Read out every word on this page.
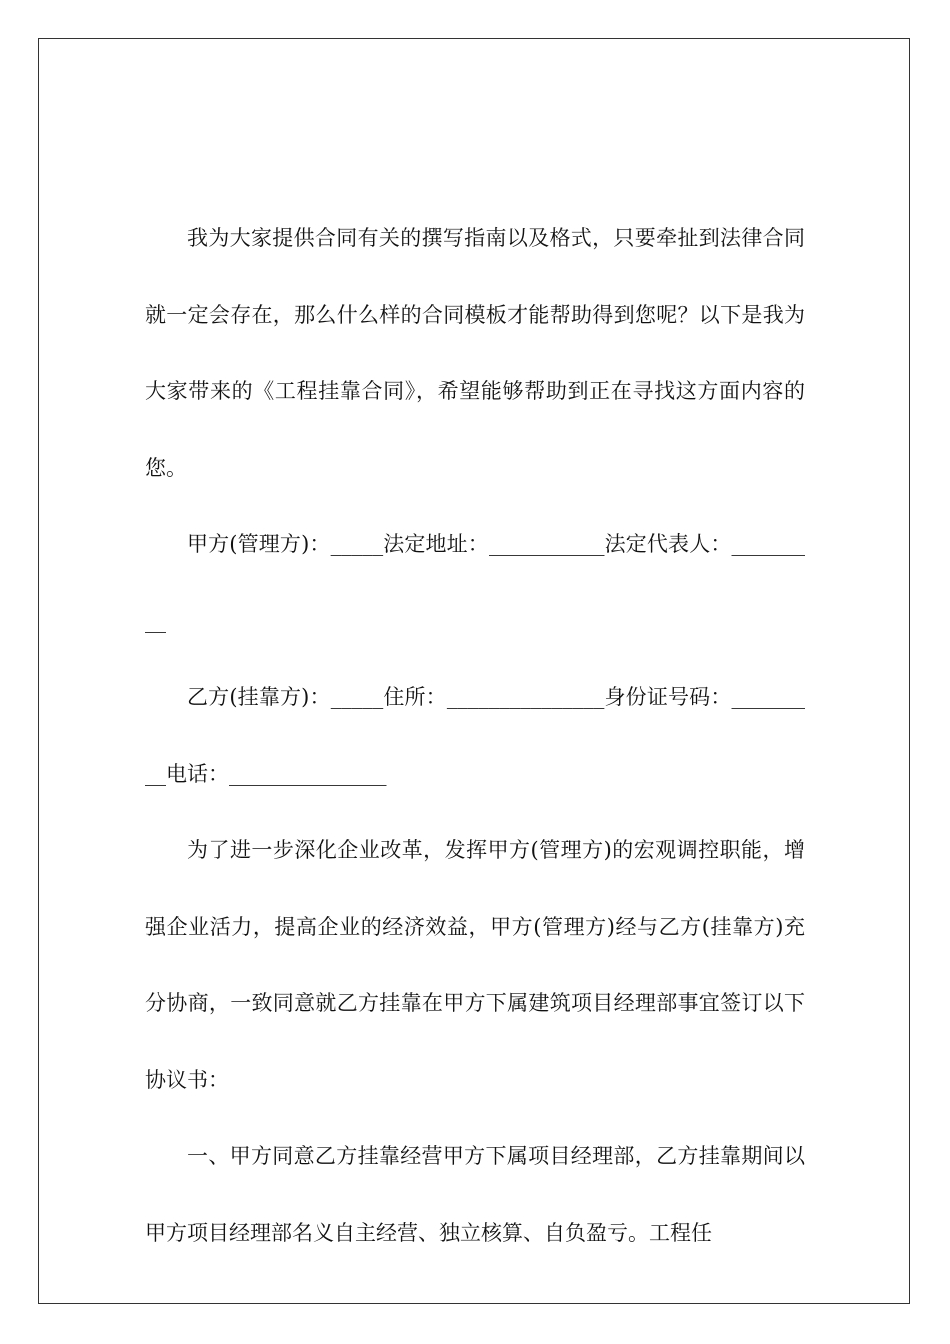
我为大家提供合同有关的撰写指南以及格式，只要牵扯到法律合同就一定会存在，那么什么样的合同模板才能帮助得到您呢？以下是我为大家带来的《工程挂靠合同》，希望能够帮助到正在寻找这方面内容的您。

甲方(管理方)：_____法定地址：___________法定代表人：_________

乙方(挂靠方)：_____住所：_______________身份证号码：_________电话：_______________

为了进一步深化企业改革，发挥甲方(管理方)的宏观调控职能，增强企业活力，提高企业的经济效益，甲方(管理方)经与乙方(挂靠方)充分协商，一致同意就乙方挂靠在甲方下属建筑项目经理部事宜签订以下协议书：

一、甲方同意乙方挂靠经营甲方下属项目经理部，乙方挂靠期间以甲方项目经理部名义自主经营、独立核算、自负盈亏。工程任
